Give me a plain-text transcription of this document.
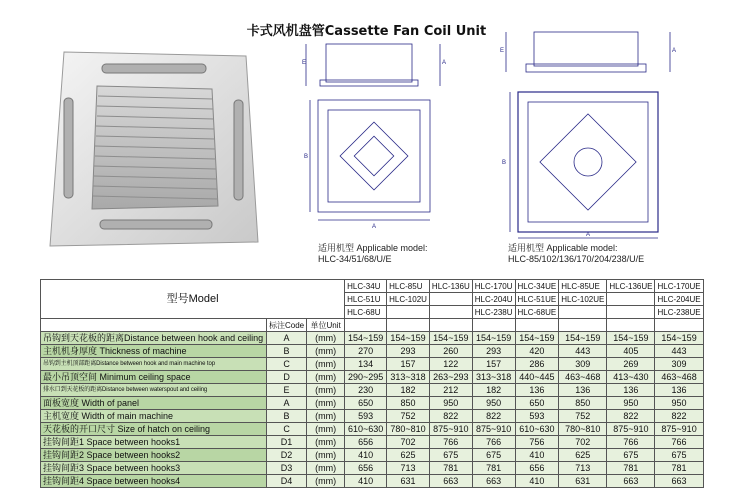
卡式风机盘管Cassette Fan Coil Unit
E	A
B
A
E	A
B
A
适用机型 Applicable model:
HLC-34/51/68/U/E
适用机型 Applicable model:
HLC-85/102/136/170/204/238/U/E
型号Model			HLC-34U	HLC-85U	HLC-136U	HLC-170U	HLC-34UE	HLC-85UE	HLC-136UE	HLC-170UE
			HLC-51U	HLC-102U		HLC-204U	HLC-51UE	HLC-102UE		HLC-204UE
			HLC-68U			HLC-238U	HLC-68UE			HLC-238UE
	标注Code	单位Unit								
吊钩到天花板的距离Distance between hook and ceiling	A	(mm)	154~159	154~159	154~159	154~159	154~159	154~159	154~159	154~159
主机机身厚度 Thickness of machine	B	(mm)	270	293	260	293	420	443	405	443
吊钩到主机顶部距离Distance between hook and main machine top	C	(mm)	134	157	122	157	286	309	269	309
最小吊顶空间 Minimum ceiling space	D	(mm)	290~295	313~318	263~293	313~318	440~445	463~468	413~430	463~468
排水口到天花板的距离Distance between waterspout and ceiling	E	(mm)	230	182	212	182	136	136	136	136
面板宽度 Width of panel	A	(mm)	650	850	950	950	650	850	950	950
主机宽度 Width of main machine	B	(mm)	593	752	822	822	593	752	822	822
天花板的开口尺寸 Size of hatch on ceiling	C	(mm)	610~630	780~810	875~910	875~910	610~630	780~810	875~910	875~910
挂钩间距1 Space between hooks1	D1	(mm)	656	702	766	766	756	702	766	766
挂钩间距2 Space between hooks2	D2	(mm)	410	625	675	675	410	625	675	675
挂钩间距3 Space between hooks3	D3	(mm)	656	713	781	781	656	713	781	781
挂钩间距4 Space between hooks4	D4	(mm)	410	631	663	663	410	631	663	663
